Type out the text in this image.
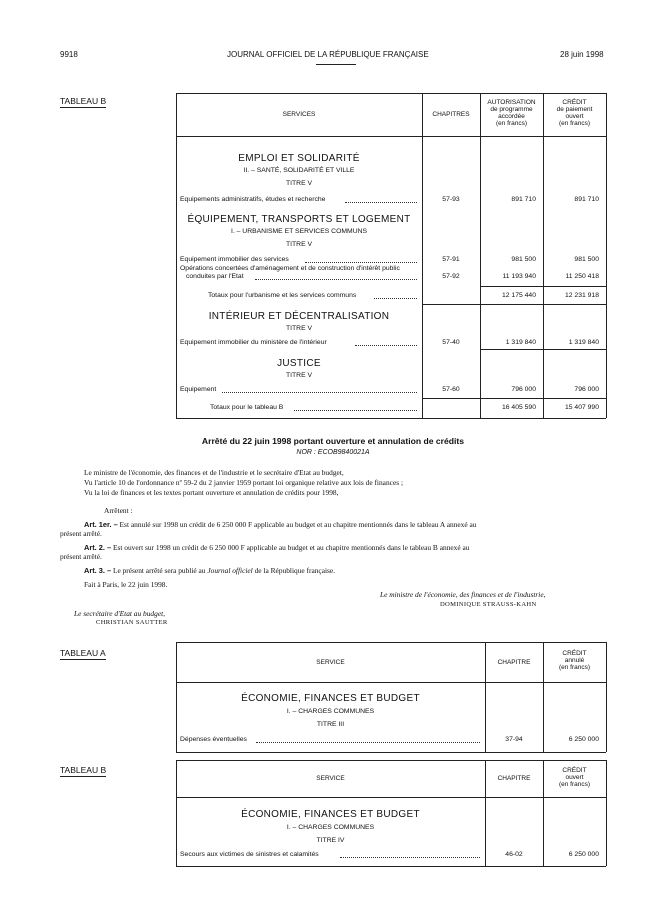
9918	JOURNAL OFFICIEL DE LA RÉPUBLIQUE FRANÇAISE	28 juin 1998
TABLEAU B
SERVICES	CHAPITRES
AUTORISATION
de programme
accordée
(en francs)
CRÉDIT
de paiement
ouvert
(en francs)
EMPLOI ET SOLIDARITÉ
II. – SANTÉ, SOLIDARITÉ ET VILLE
TITRE V
Equipements administratifs, études et recherche	57-93	891 710	891 710
ÉQUIPEMENT, TRANSPORTS ET LOGEMENT
I. – URBANISME ET SERVICES COMMUNS
TITRE V
Equipement immobilier des services	57-91	981 500	981 500
Opérations concertées d'aménagement et de construction d'intérêt public
conduites par l'Etat	57-92	11 193 940	11 250 418
Totaux pour l'urbanisme et les services communs	12 175 440	12 231 918
INTÉRIEUR ET DÉCENTRALISATION
TITRE V
Equipement immobilier du ministère de l'intérieur	57-40	1 319 840	1 319 840
JUSTICE
TITRE V
Equipement	57-60	796 000	796 000
Totaux pour le tableau B	16 405 590	15 407 990
Arrêté du 22 juin 1998 portant ouverture et annulation de crédits
NOR : ECOB9840021A
Le ministre de l'économie, des finances et de l'industrie et le secrétaire d'Etat au budget,
Vu l'article 10 de l'ordonnance nº 59-2 du 2 janvier 1959 portant loi organique relative aux lois de finances ;
Vu la loi de finances et les textes portant ouverture et annulation de crédits pour 1998,
Arrêtent :
Art. 1er. – Est annulé sur 1998 un crédit de 6 250 000 F applicable au budget et au chapitre mentionnés dans le tableau A annexé au
présent arrêté.
Art. 2. – Est ouvert sur 1998 un crédit de 6 250 000 F applicable au budget et au chapitre mentionnés dans le tableau B annexé au
présent arrêté.
Art. 3. – Le présent arrêté sera publié au Journal officiel de la République française.
Fait à Paris, le 22 juin 1998.
Le ministre de l'économie, des finances et de l'industrie,
DOMINIQUE STRAUSS-KAHN
Le secrétaire d'Etat au budget,
CHRISTIAN SAUTTER
TABLEAU A
SERVICE	CHAPITRE
CRÉDIT
annulé
(en francs)
ÉCONOMIE, FINANCES ET BUDGET
I. – CHARGES COMMUNES
TITRE III
Dépenses éventuelles	37-94	6 250 000
TABLEAU B
SERVICE	CHAPITRE
CRÉDIT
ouvert
(en francs)
ÉCONOMIE, FINANCES ET BUDGET
I. – CHARGES COMMUNES
TITRE IV
Secours aux victimes de sinistres et calamités	46-02	6 250 000
